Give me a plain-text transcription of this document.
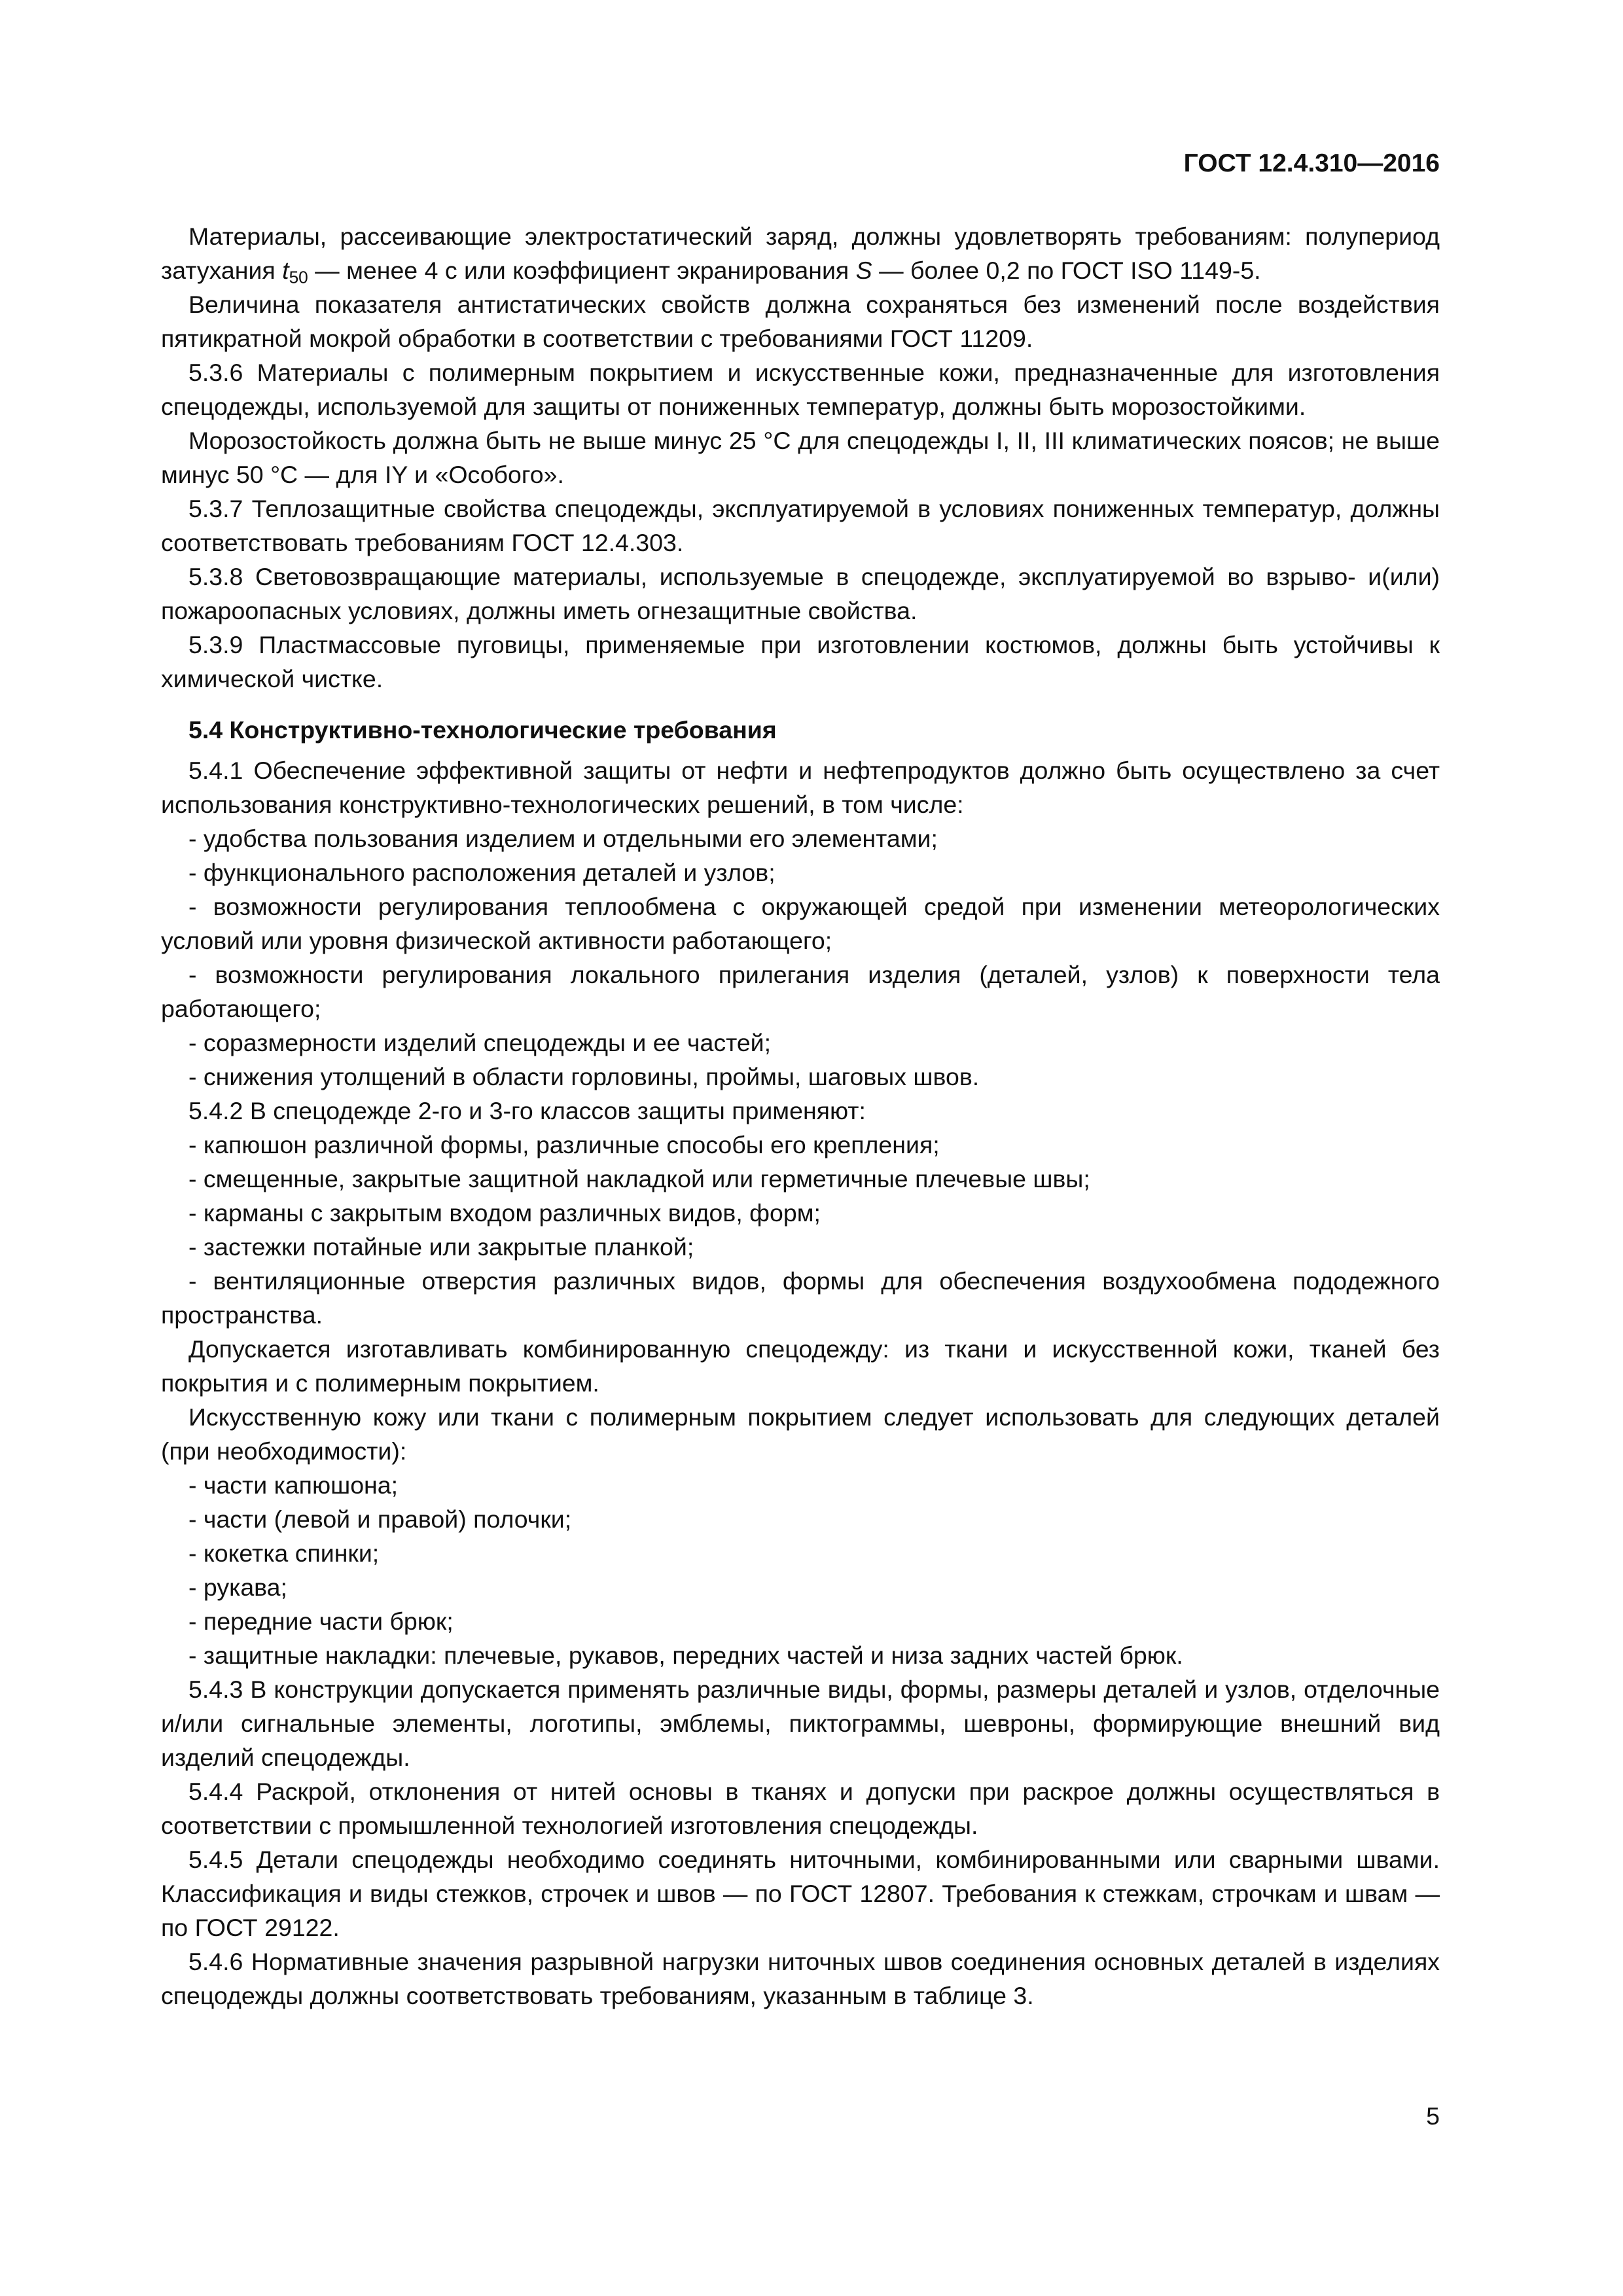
ГОСТ 12.4.310—2016

Материалы, рассеивающие электростатический заряд, должны удовлетворять требованиям: полупериод затухания $t_{50}$ — менее 4 с или коэффициент экранирования S — более 0,2 по ГОСТ ISO 1149-5.

Величина показателя антистатических свойств должна сохраняться без изменений после воздействия пятикратной мокрой обработки в соответствии с требованиями ГОСТ 11209.

5.3.6 Материалы с полимерным покрытием и искусственные кожи, предназначенные для изготовления спецодежды, используемой для защиты от пониженных температур, должны быть морозостойкими.

Морозостойкость должна быть не выше минус 25 °С для спецодежды I, II, III климатических поясов; не выше минус 50 °С — для IY и «Особого».

5.3.7 Теплозащитные свойства спецодежды, эксплуатируемой в условиях пониженных температур, должны соответствовать требованиям ГОСТ 12.4.303.

5.3.8 Световозвращающие материалы, используемые в спецодежде, эксплуатируемой во взрыво- и(или) пожароопасных условиях, должны иметь огнезащитные свойства.

5.3.9 Пластмассовые пуговицы, применяемые при изготовлении костюмов, должны быть устойчивы к химической чистке.

5.4 Конструктивно-технологические требования

5.4.1 Обеспечение эффективной защиты от нефти и нефтепродуктов должно быть осуществлено за счет использования конструктивно-технологических решений, в том числе:

- удобства пользования изделием и отдельными его элементами;

- функционального расположения деталей и узлов;

- возможности регулирования теплообмена с окружающей средой при изменении метеорологических условий или уровня физической активности работающего;

- возможности регулирования локального прилегания изделия (деталей, узлов) к поверхности тела работающего;

- соразмерности изделий спецодежды и ее частей;

- снижения утолщений в области горловины, проймы, шаговых швов.

5.4.2 В спецодежде 2-го и 3-го классов защиты применяют:

- капюшон различной формы, различные способы его крепления;

- смещенные, закрытые защитной накладкой или герметичные плечевые швы;

- карманы с закрытым входом различных видов, форм;

- застежки потайные или закрытые планкой;

- вентиляционные отверстия различных видов, формы для обеспечения воздухообмена пододежного пространства.

Допускается изготавливать комбинированную спецодежду: из ткани и искусственной кожи, тканей без покрытия и с полимерным покрытием.

Искусственную кожу или ткани с полимерным покрытием следует использовать для следующих деталей (при необходимости):

- части капюшона;

- части (левой и правой) полочки;

- кокетка спинки;

- рукава;

- передние части брюк;

- защитные накладки: плечевые, рукавов, передних частей и низа задних частей брюк.

5.4.3 В конструкции допускается применять различные виды, формы, размеры деталей и узлов, отделочные и/или сигнальные элементы, логотипы, эмблемы, пиктограммы, шевроны, формирующие внешний вид изделий спецодежды.

5.4.4 Раскрой, отклонения от нитей основы в тканях и допуски при раскрое должны осуществляться в соответствии с промышленной технологией изготовления спецодежды.

5.4.5 Детали спецодежды необходимо соединять ниточными, комбинированными или сварными швами. Классификация и виды стежков, строчек и швов — по ГОСТ 12807. Требования к стежкам, строчкам и швам — по ГОСТ 29122.

5.4.6 Нормативные значения разрывной нагрузки ниточных швов соединения основных деталей в изделиях спецодежды должны соответствовать требованиям, указанным в таблице 3.

5
